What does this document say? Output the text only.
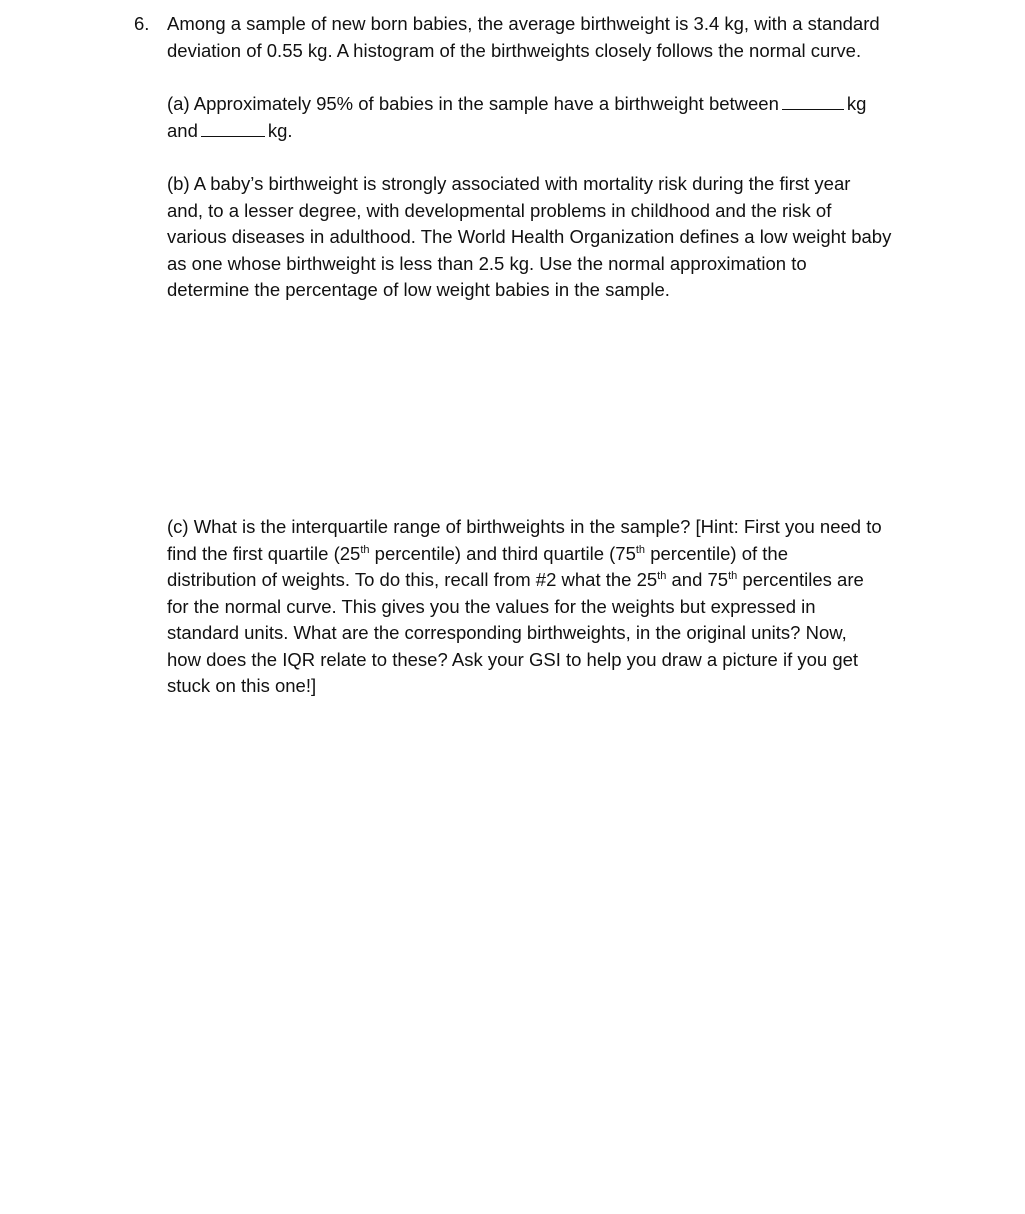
6. Among a sample of new born babies, the average birthweight is 3.4 kg, with a standard
deviation of 0.55 kg. A histogram of the birthweights closely follows the normal curve.

(a) Approximately 95% of babies in the sample have a birthweight between	kg
and	kg.

(b) A baby’s birthweight is strongly associated with mortality risk during the first year
and, to a lesser degree, with developmental problems in childhood and the risk of
various diseases in adulthood. The World Health Organization defines a low weight baby
as one whose birthweight is less than 2.5 kg. Use the normal approximation to
determine the percentage of low weight babies in the sample.

(c) What is the interquartile range of birthweights in the sample? [Hint: First you need to
find the first quartile (25th percentile) and third quartile (75th percentile) of the
distribution of weights. To do this, recall from #2 what the 25th and 75th percentiles are
for the normal curve. This gives you the values for the weights but expressed in
standard units. What are the corresponding birthweights, in the original units? Now,
how does the IQR relate to these? Ask your GSI to help you draw a picture if you get
stuck on this one!]
